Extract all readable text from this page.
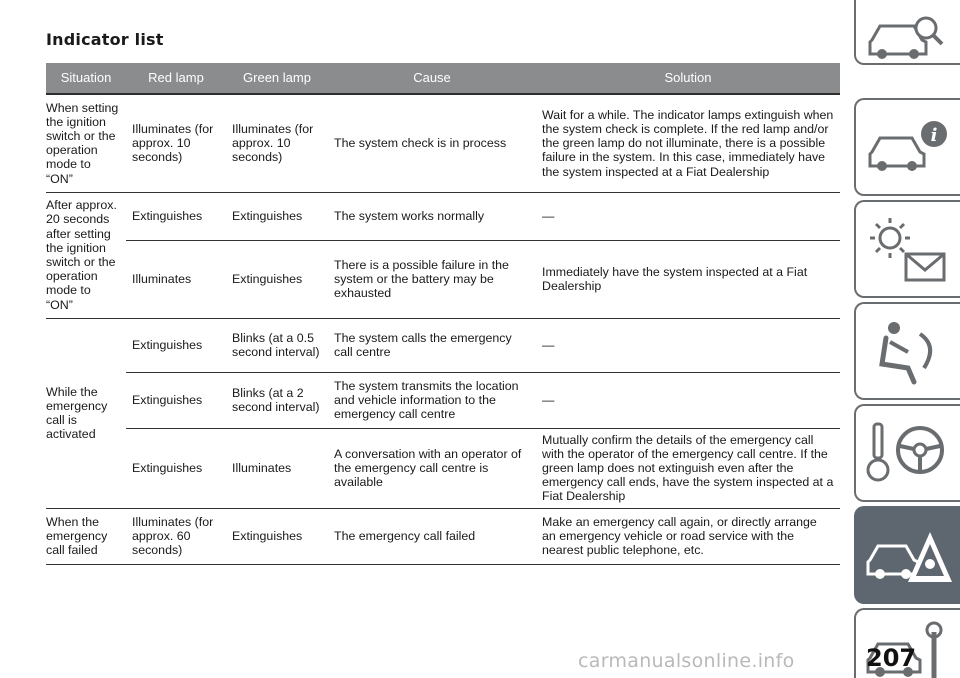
Indicator list
Situation	Red lamp	Green lamp	Cause	Solution
When setting the ignition switch or the operation mode to “ON”	Illuminates (for approx. 10 seconds)	Illuminates (for approx. 10 seconds)	The system check is in process	Wait for a while. The indicator lamps extinguish when the system check is complete. If the red lamp and/or the green lamp do not illuminate, there is a possible failure in the system. In this case, immediately have the system inspected at a Fiat Dealership
After approx. 20 seconds after setting the ignition switch or the operation mode to “ON”	Extinguishes	Extinguishes	The system works normally	—
	Illuminates	Extinguishes	There is a possible failure in the system or the battery may be exhausted	Immediately have the system inspected at a Fiat Dealership
While the emergency call is activated	Extinguishes	Blinks (at a 0.5 second interval)	The system calls the emergency call centre	—
	Extinguishes	Blinks (at a 2 second interval)	The system transmits the location and vehicle information to the emergency call centre	—
	Extinguishes	Illuminates	A conversation with an operator of the emergency call centre is available	Mutually confirm the details of the emergency call with the operator of the emergency call centre. If the green lamp does not extinguish even after the emergency call ends, have the system inspected at a Fiat Dealership
When the emergency call failed	Illuminates (for approx. 60 seconds)	Extinguishes	The emergency call failed	Make an emergency call again, or directly arrange an emergency vehicle or road service with the nearest public telephone, etc.
i
carmanualsonline.info	207
